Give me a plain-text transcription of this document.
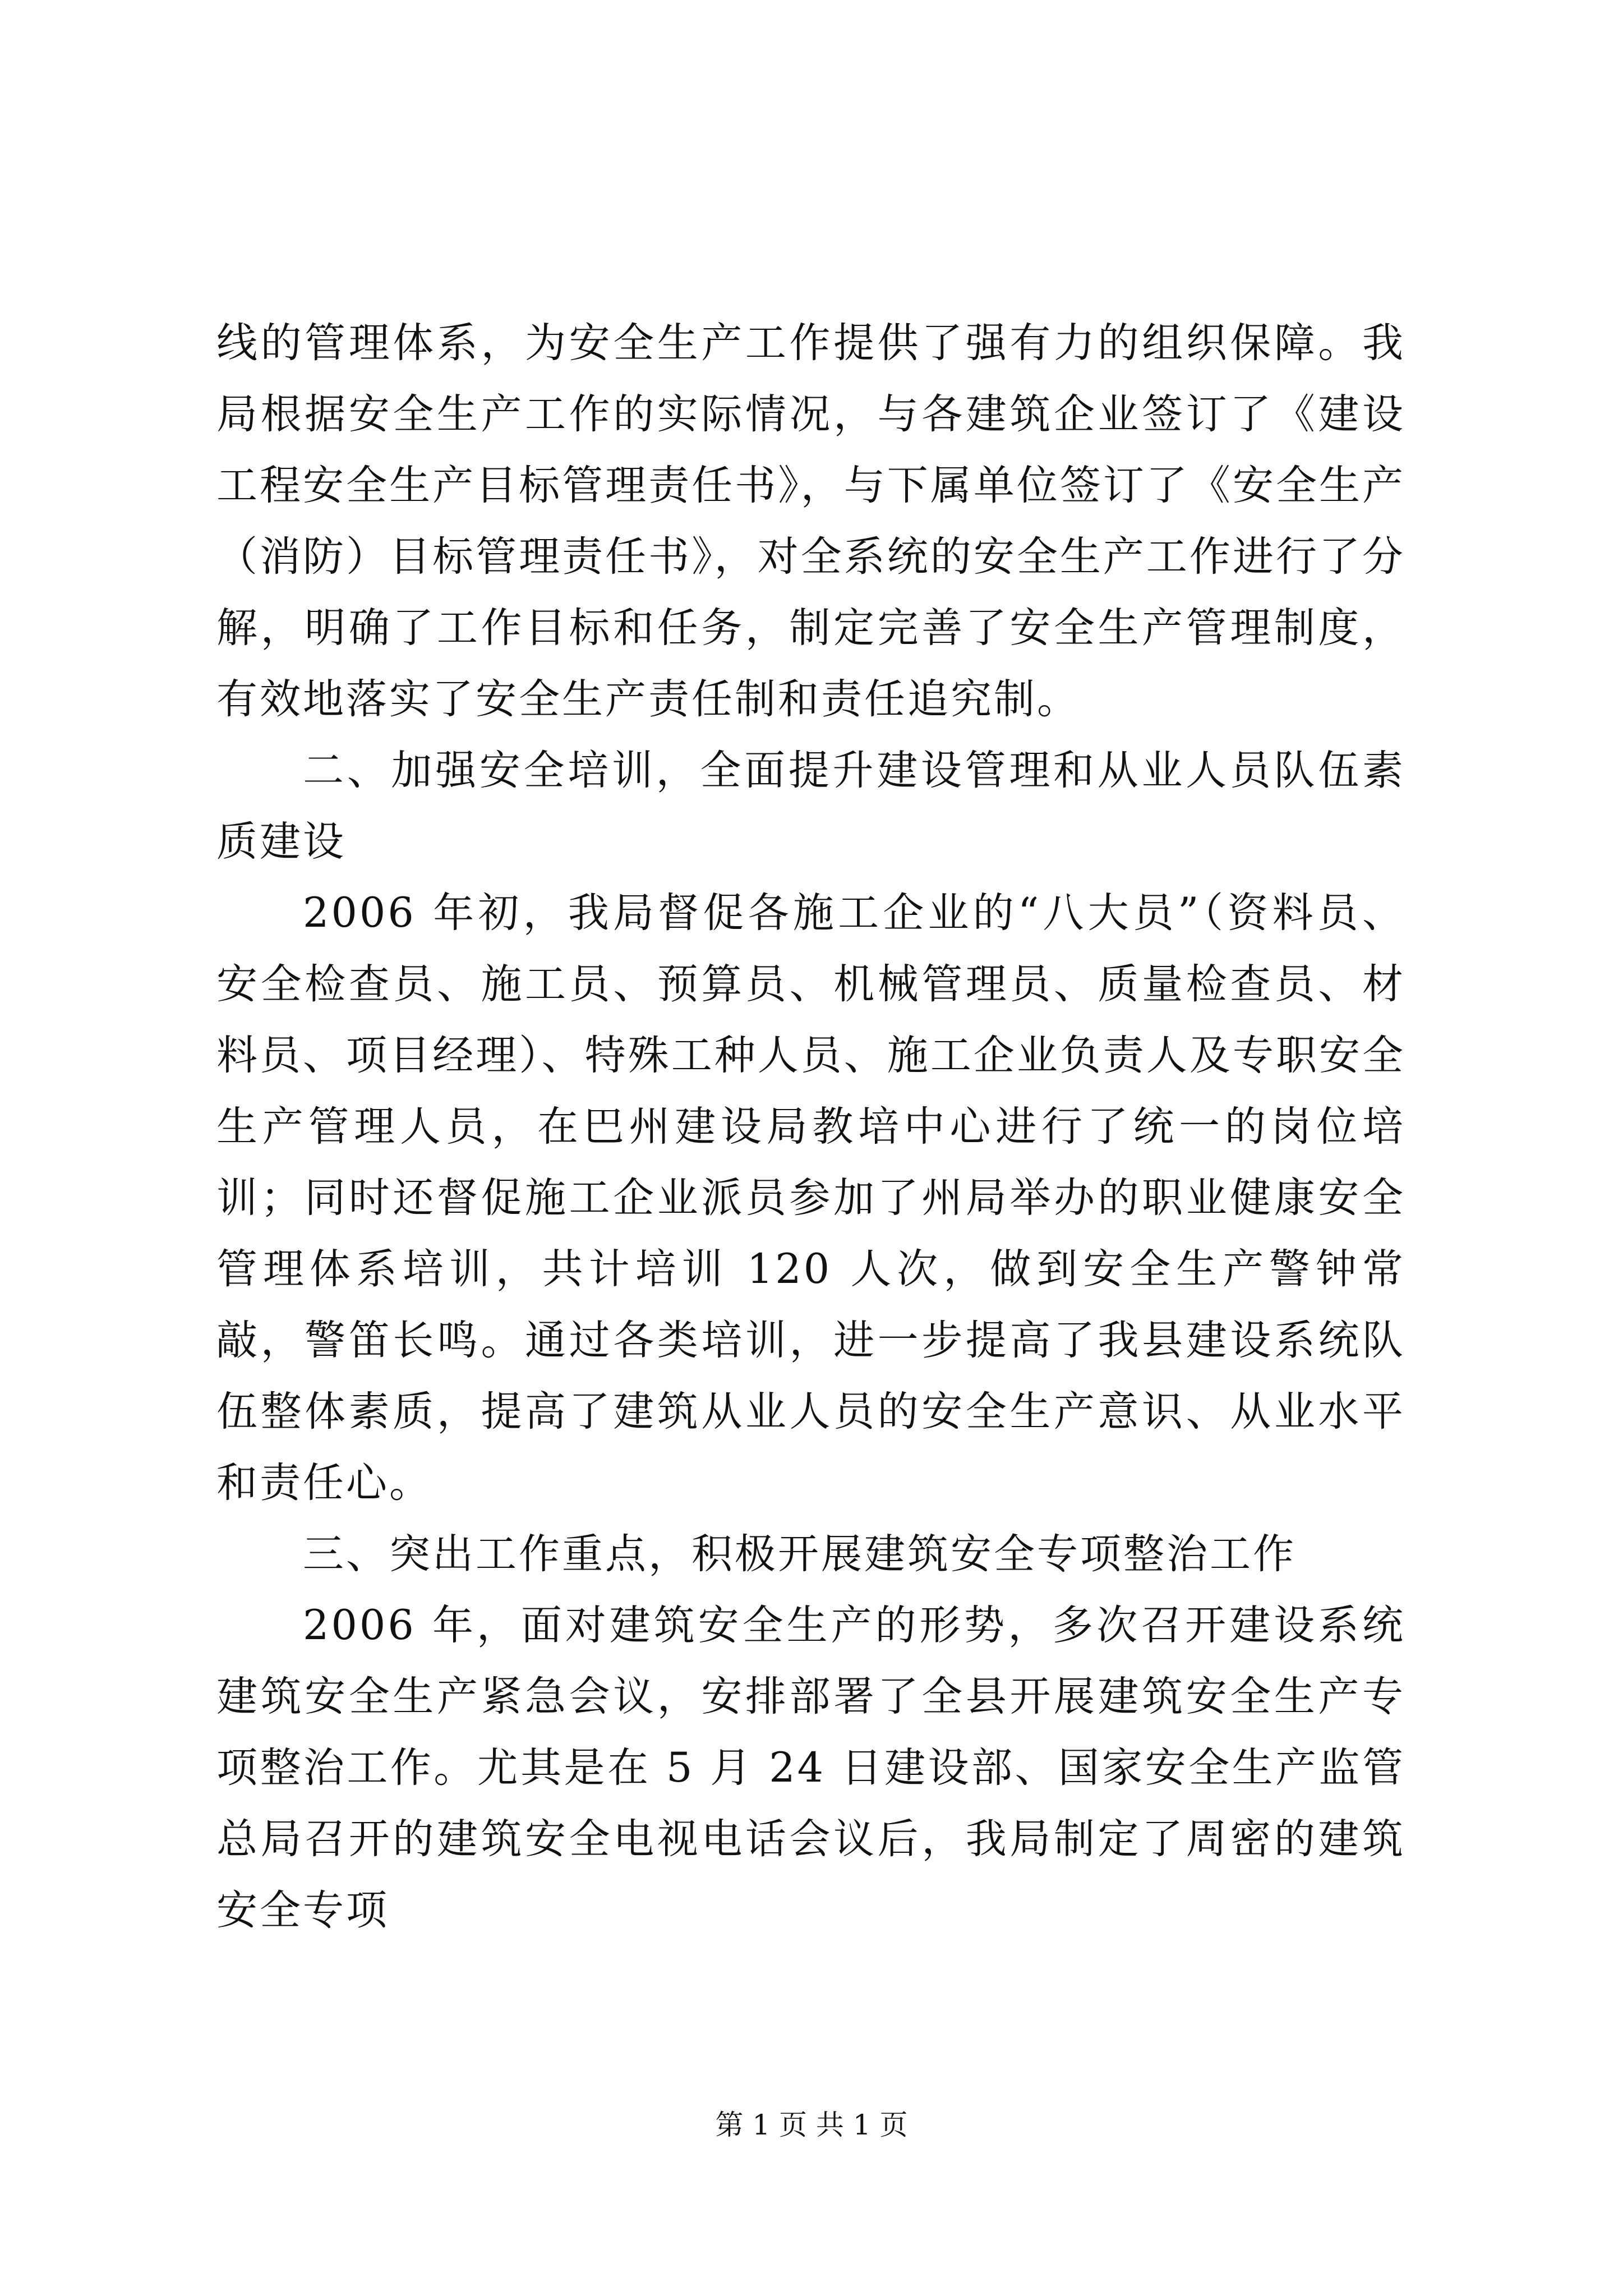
线的管理体系，为安全生产工作提供了强有力的组织保障。我局根据安全生产工作的实际情况，与各建筑企业签订了《建设工程安全生产目标管理责任书》，与下属单位签订了《安全生产（消防）目标管理责任书》，对全系统的安全生产工作进行了分解，明确了工作目标和任务，制定完善了安全生产管理制度，有效地落实了安全生产责任制和责任追究制。

二、加强安全培训，全面提升建设管理和从业人员队伍素质建设

2006 年初，我局督促各施工企业的“八大员”（资料员、安全检查员、施工员、预算员、机械管理员、质量检查员、材料员、项目经理）、特殊工种人员、施工企业负责人及专职安全生产管理人员，在巴州建设局教培中心进行了统一的岗位培训；同时还督促施工企业派员参加了州局举办的职业健康安全管理体系培训，共计培训 120 人次，做到安全生产警钟常敲，警笛长鸣。通过各类培训，进一步提高了我县建设系统队伍整体素质，提高了建筑从业人员的安全生产意识、从业水平和责任心。

三、突出工作重点，积极开展建筑安全专项整治工作

2006 年，面对建筑安全生产的形势，多次召开建设系统建筑安全生产紧急会议，安排部署了全县开展建筑安全生产专项整治工作。尤其是在 5 月 24 日建设部、国家安全生产监管总局召开的建筑安全电视电话会议后，我局制定了周密的建筑安全专项

第 1 页 共 1 页
